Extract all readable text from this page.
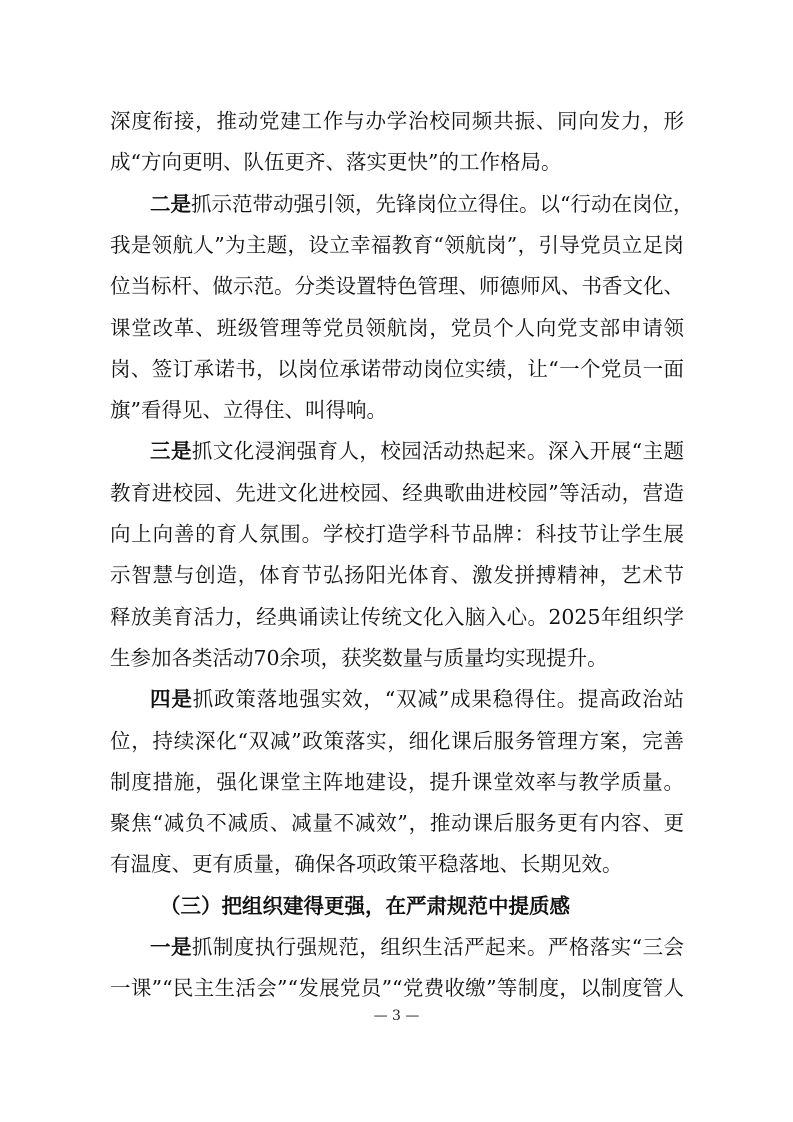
深度衔接，推动党建工作与办学治校同频共振、同向发力，形
成“方向更明、队伍更齐、落实更快”的工作格局。
二是抓示范带动强引领，先锋岗位立得住。以“行动在岗位，
我是领航人”为主题，设立幸福教育“领航岗”，引导党员立足岗
位当标杆、做示范。分类设置特色管理、师德师风、书香文化、
课堂改革、班级管理等党员领航岗，党员个人向党支部申请领
岗、签订承诺书，以岗位承诺带动岗位实绩，让“一个党员一面
旗”看得见、立得住、叫得响。
三是抓文化浸润强育人，校园活动热起来。深入开展“主题
教育进校园、先进文化进校园、经典歌曲进校园”等活动，营造
向上向善的育人氛围。学校打造学科节品牌：科技节让学生展
示智慧与创造，体育节弘扬阳光体育、激发拼搏精神，艺术节
释放美育活力，经典诵读让传统文化入脑入心。2025年组织学
生参加各类活动70余项，获奖数量与质量均实现提升。
四是抓政策落地强实效，“双减”成果稳得住。提高政治站
位，持续深化“双减”政策落实，细化课后服务管理方案，完善
制度措施，强化课堂主阵地建设，提升课堂效率与教学质量。
聚焦“减负不减质、减量不减效”，推动课后服务更有内容、更
有温度、更有质量，确保各项政策平稳落地、长期见效。
（三）把组织建得更强，在严肃规范中提质感
一是抓制度执行强规范，组织生活严起来。严格落实“三会
一课”“民主生活会”“发展党员”“党费收缴”等制度，以制度管人
— 3 —
